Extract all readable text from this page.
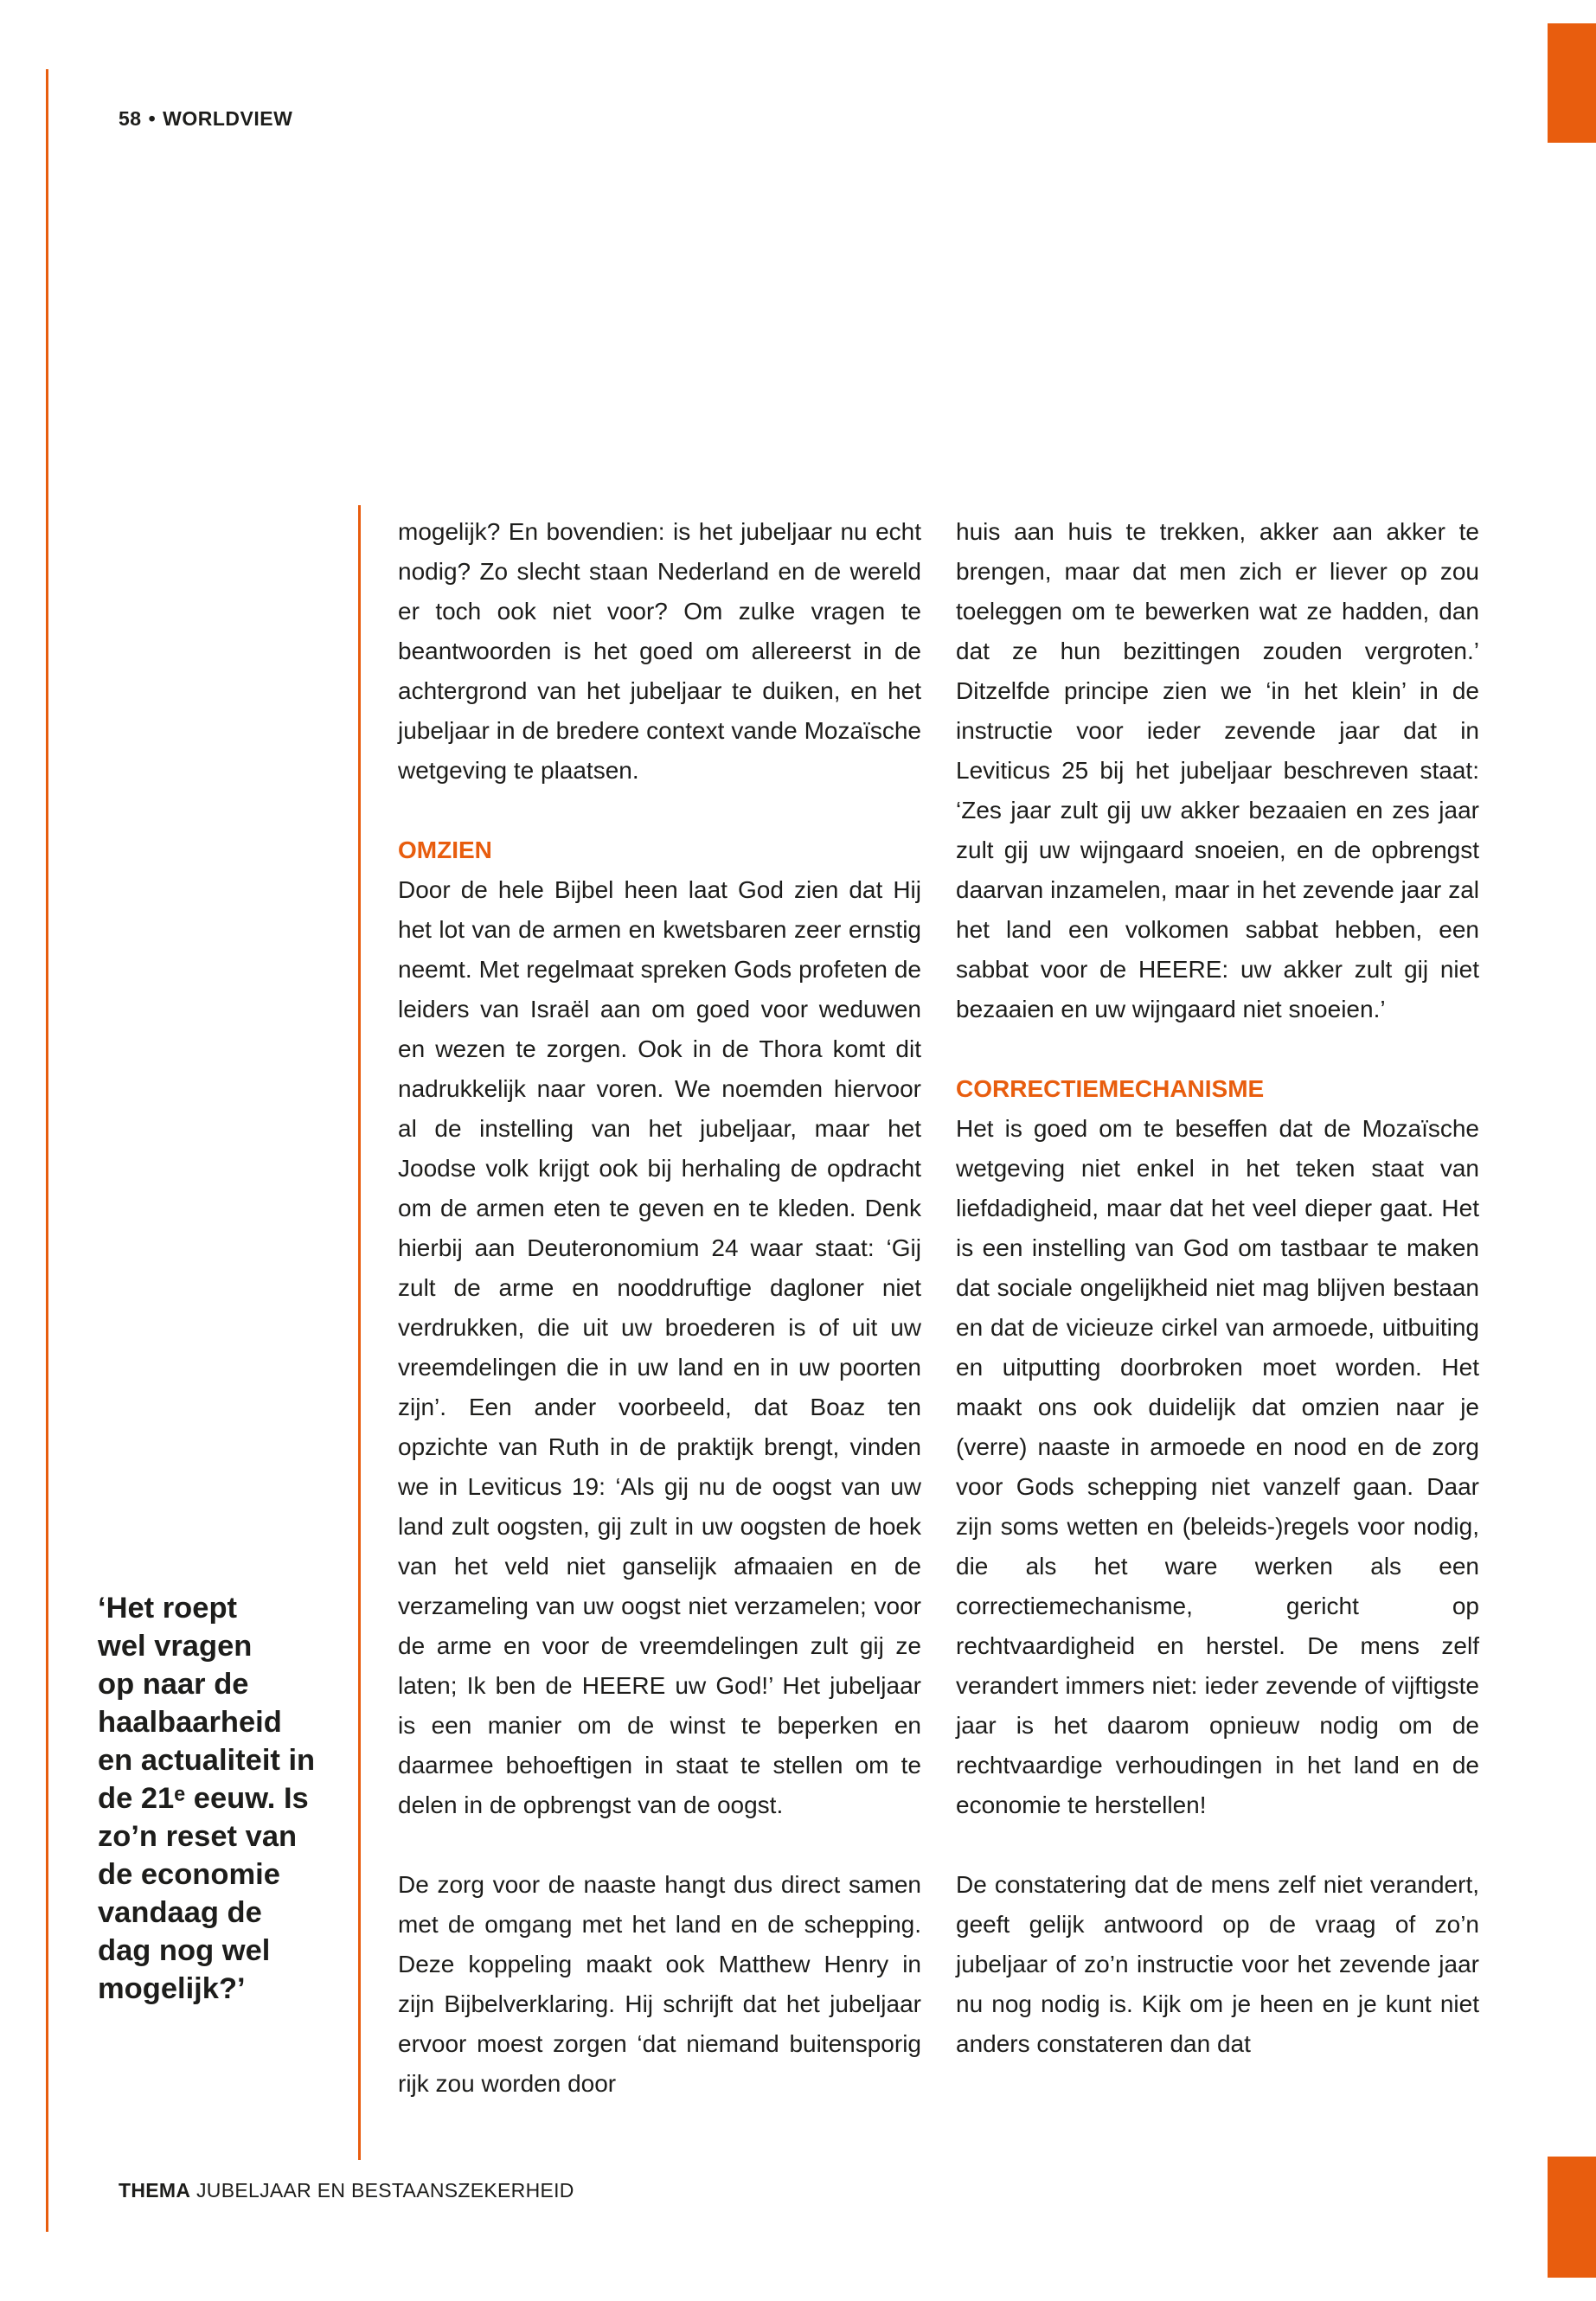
58 • WORLDVIEW

‘Het roept
wel vragen
op naar de
haalbaarheid
en actualiteit in
de 21ᵉ eeuw. Is
zo’n reset van
de economie
vandaag de
dag nog wel
mogelijk?’

mogelijk? En bovendien: is het jubeljaar nu echt nodig? Zo slecht staan Nederland en de wereld er toch ook niet voor? Om zulke vragen te beantwoorden is het goed om allereerst in de achtergrond van het jubeljaar te duiken, en het jubeljaar in de bredere context vande Mozaïsche wetgeving te plaatsen.

OMZIEN

Door de hele Bijbel heen laat God zien dat Hij het lot van de armen en kwetsbaren zeer ernstig neemt. Met regelmaat spreken Gods profeten de leiders van Israël aan om goed voor weduwen en wezen te zorgen. Ook in de Thora komt dit nadrukkelijk naar voren. We noemden hiervoor al de instelling van het jubeljaar, maar het Joodse volk krijgt ook bij herhaling de opdracht om de armen eten te geven en te kleden. Denk hierbij aan Deuteronomium 24 waar staat: ‘Gij zult de arme en nooddruftige dagloner niet verdrukken, die uit uw broederen is of uit uw vreemdelingen die in uw land en in uw poorten zijn’. Een ander voorbeeld, dat Boaz ten opzichte van Ruth in de praktijk brengt, vinden we in Leviticus 19: ‘Als gij nu de oogst van uw land zult oogsten, gij zult in uw oogsten de hoek van het veld niet ganselijk afmaaien en de verzameling van uw oogst niet verzamelen; voor de arme en voor de vreemdelingen zult gij ze laten; Ik ben de HEERE uw God!’ Het jubeljaar is een manier om de winst te beperken en daarmee behoeftigen in staat te stellen om te delen in de opbrengst van de oogst.

De zorg voor de naaste hangt dus direct samen met de omgang met het land en de schepping. Deze koppeling maakt ook Matthew Henry in zijn Bijbelverklaring. Hij schrijft dat het jubeljaar ervoor moest zorgen ‘dat niemand buitensporig rijk zou worden door

huis aan huis te trekken, akker aan akker te brengen, maar dat men zich er liever op zou toeleggen om te bewerken wat ze hadden, dan dat ze hun bezittingen zouden vergroten.’ Ditzelfde principe zien we ‘in het klein’ in de instructie voor ieder zevende jaar dat in Leviticus 25 bij het jubeljaar beschreven staat: ‘Zes jaar zult gij uw akker bezaaien en zes jaar zult gij uw wijngaard snoeien, en de opbrengst daarvan inzamelen, maar in het zevende jaar zal het land een volkomen sabbat hebben, een sabbat voor de HEERE: uw akker zult gij niet bezaaien en uw wijngaard niet snoeien.’

CORRECTIEMECHANISME

Het is goed om te beseffen dat de Mozaïsche wetgeving niet enkel in het teken staat van liefdadigheid, maar dat het veel dieper gaat. Het is een instelling van God om tastbaar te maken dat sociale ongelijkheid niet mag blijven bestaan en dat de vicieuze cirkel van armoede, uitbuiting en uitputting doorbroken moet worden. Het maakt ons ook duidelijk dat omzien naar je (verre) naaste in armoede en nood en de zorg voor Gods schepping niet vanzelf gaan. Daar zijn soms wetten en (beleids-)regels voor nodig, die als het ware werken als een correctiemechanisme, gericht op rechtvaardigheid en herstel. De mens zelf verandert immers niet: ieder zevende of vijftigste jaar is het daarom opnieuw nodig om de rechtvaardige verhoudingen in het land en de economie te herstellen!

De constatering dat de mens zelf niet verandert, geeft gelijk antwoord op de vraag of zo’n jubeljaar of zo’n instructie voor het zevende jaar nu nog nodig is. Kijk om je heen en je kunt niet anders constateren dan dat

THEMA JUBELJAAR EN BESTAANSZEKERHEID
